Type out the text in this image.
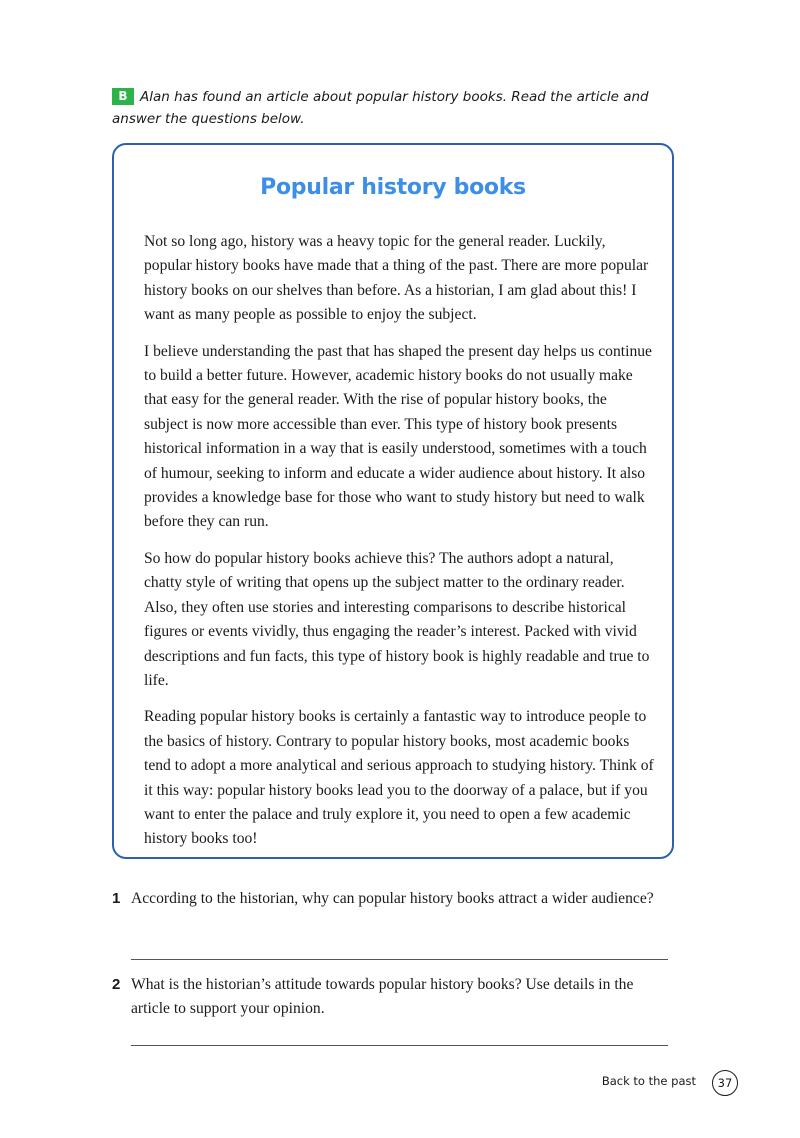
B Alan has found an article about popular history books. Read the article and answer the questions below.
Popular history books

Not so long ago, history was a heavy topic for the general reader. Luckily, popular history books have made that a thing of the past. There are more popular history books on our shelves than before. As a historian, I am glad about this! I want as many people as possible to enjoy the subject.

I believe understanding the past that has shaped the present day helps us continue to build a better future. However, academic history books do not usually make that easy for the general reader. With the rise of popular history books, the subject is now more accessible than ever. This type of history book presents historical information in a way that is easily understood, sometimes with a touch of humour, seeking to inform and educate a wider audience about history. It also provides a knowledge base for those who want to study history but need to walk before they can run.

So how do popular history books achieve this? The authors adopt a natural, chatty style of writing that opens up the subject matter to the ordinary reader. Also, they often use stories and interesting comparisons to describe historical figures or events vividly, thus engaging the reader’s interest. Packed with vivid descriptions and fun facts, this type of history book is highly readable and true to life.

Reading popular history books is certainly a fantastic way to introduce people to the basics of history. Contrary to popular history books, most academic books tend to adopt a more analytical and serious approach to studying history. Think of it this way: popular history books lead you to the doorway of a palace, but if you want to enter the palace and truly explore it, you need to open a few academic history books too!

1 According to the historian, why can popular history books attract a wider audience?
2 What is the historian’s attitude towards popular history books? Use details in the article to support your opinion.
Back to the past	37
